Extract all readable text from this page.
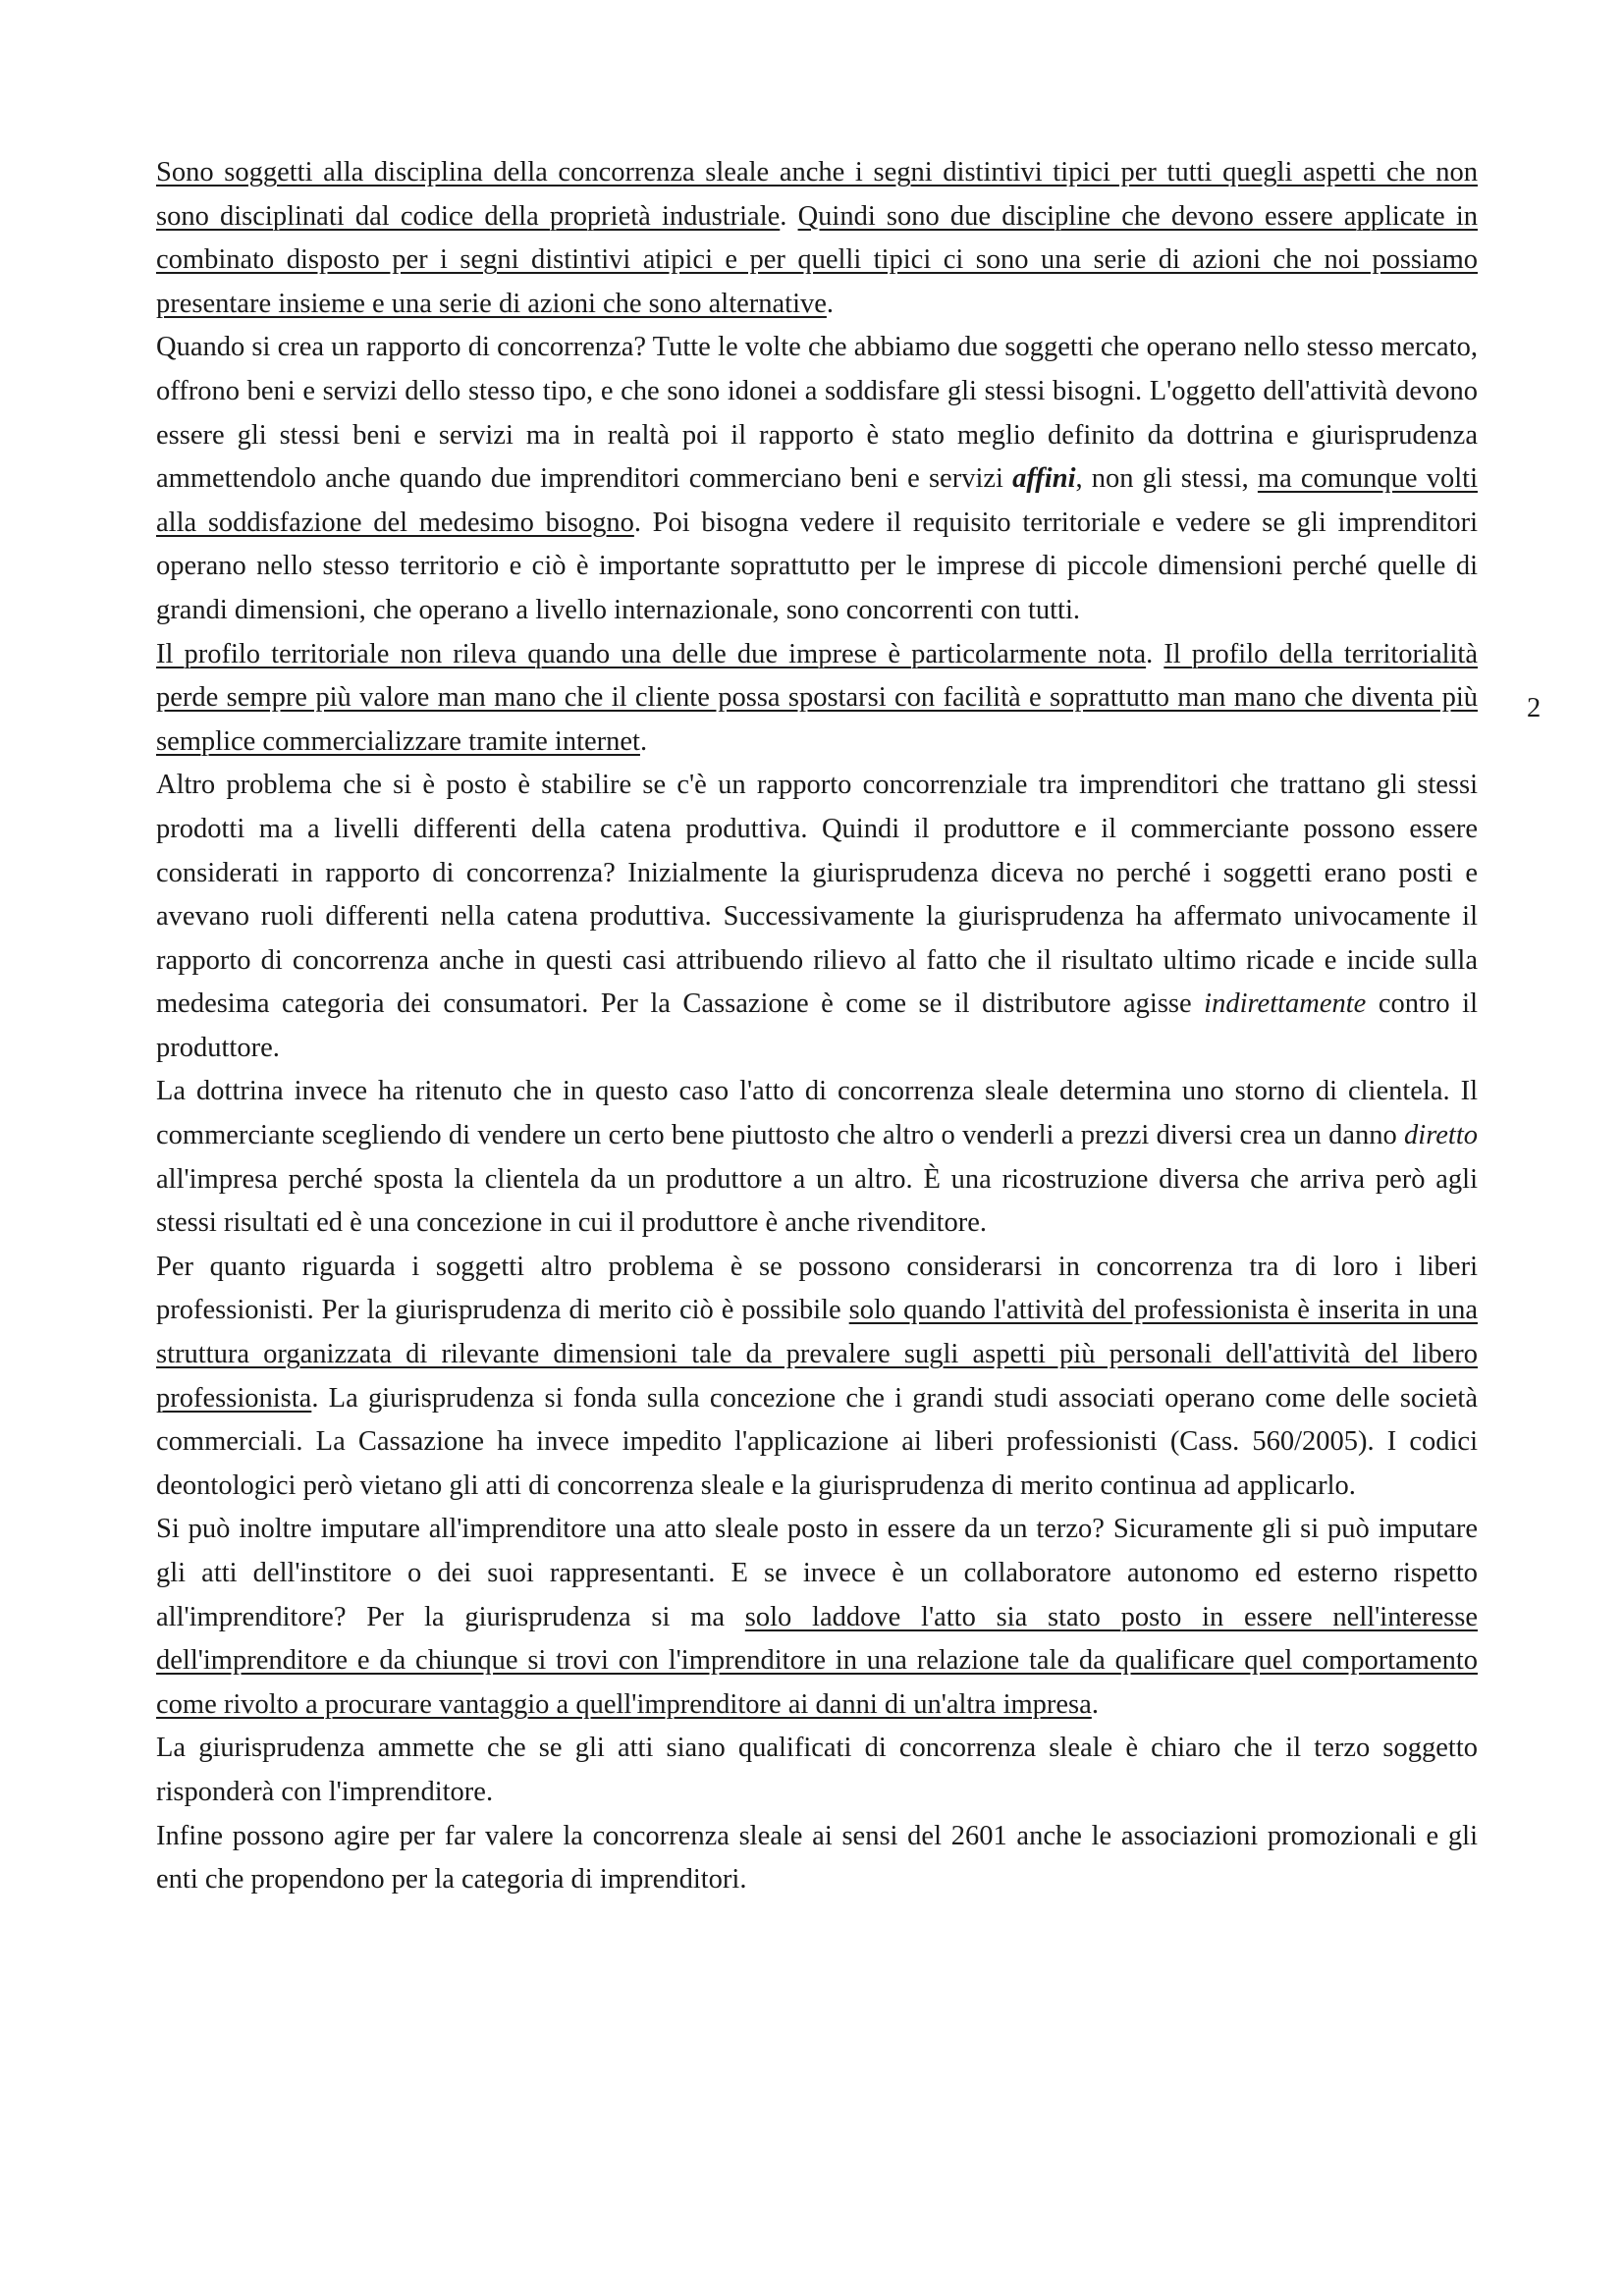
Sono soggetti alla disciplina della concorrenza sleale anche i segni distintivi tipici per tutti quegli aspetti che non sono disciplinati dal codice della proprietà industriale. Quindi sono due discipline che devono essere applicate in combinato disposto per i segni distintivi atipici e per quelli tipici ci sono una serie di azioni che noi possiamo presentare insieme e una serie di azioni che sono alternative.

Quando si crea un rapporto di concorrenza? Tutte le volte che abbiamo due soggetti che operano nello stesso mercato, offrono beni e servizi dello stesso tipo, e che sono idonei a soddisfare gli stessi bisogni. L'oggetto dell'attività devono essere gli stessi beni e servizi ma in realtà poi il rapporto è stato meglio definito da dottrina e giurisprudenza ammettendolo anche quando due imprenditori commerciano beni e servizi affini, non gli stessi, ma comunque volti alla soddisfazione del medesimo bisogno. Poi bisogna vedere il requisito territoriale e vedere se gli imprenditori operano nello stesso territorio e ciò è importante soprattutto per le imprese di piccole dimensioni perché quelle di grandi dimensioni, che operano a livello internazionale, sono concorrenti con tutti.

Il profilo territoriale non rileva quando una delle due imprese è particolarmente nota. Il profilo della territorialità perde sempre più valore man mano che il cliente possa spostarsi con facilità e soprattutto man mano che diventa più semplice commercializzare tramite internet.

Altro problema che si è posto è stabilire se c'è un rapporto concorrenziale tra imprenditori che trattano gli stessi prodotti ma a livelli differenti della catena produttiva. Quindi il produttore e il commerciante possono essere considerati in rapporto di concorrenza? Inizialmente la giurisprudenza diceva no perché i soggetti erano posti e avevano ruoli differenti nella catena produttiva. Successivamente la giurisprudenza ha affermato univocamente il rapporto di concorrenza anche in questi casi attribuendo rilievo al fatto che il risultato ultimo ricade e incide sulla medesima categoria dei consumatori. Per la Cassazione è come se il distributore agisse indirettamente contro il produttore.

La dottrina invece ha ritenuto che in questo caso l'atto di concorrenza sleale determina uno storno di clientela. Il commerciante scegliendo di vendere un certo bene piuttosto che altro o venderli a prezzi diversi crea un danno diretto all'impresa perché sposta la clientela da un produttore a un altro. È una ricostruzione diversa che arriva però agli stessi risultati ed è una concezione in cui il produttore è anche rivenditore.

Per quanto riguarda i soggetti altro problema è se possono considerarsi in concorrenza tra di loro i liberi professionisti. Per la giurisprudenza di merito ciò è possibile solo quando l'attività del professionista è inserita in una struttura organizzata di rilevante dimensioni tale da prevalere sugli aspetti più personali dell'attività del libero professionista. La giurisprudenza si fonda sulla concezione che i grandi studi associati operano come delle società commerciali. La Cassazione ha invece impedito l'applicazione ai liberi professionisti (Cass. 560/2005). I codici deontologici però vietano gli atti di concorrenza sleale e la giurisprudenza di merito continua ad applicarlo.

Si può inoltre imputare all'imprenditore una atto sleale posto in essere da un terzo? Sicuramente gli si può imputare gli atti dell'institore o dei suoi rappresentanti. E se invece è un collaboratore autonomo ed esterno rispetto all'imprenditore? Per la giurisprudenza si ma solo laddove l'atto sia stato posto in essere nell'interesse dell'imprenditore e da chiunque si trovi con l'imprenditore in una relazione tale da qualificare quel comportamento come rivolto a procurare vantaggio a quell'imprenditore ai danni di un'altra impresa.

La giurisprudenza ammette che se gli atti siano qualificati di concorrenza sleale è chiaro che il terzo soggetto risponderà con l'imprenditore.

Infine possono agire per far valere la concorrenza sleale ai sensi del 2601 anche le associazioni promozionali e gli enti che propendono per la categoria di imprenditori.

2
